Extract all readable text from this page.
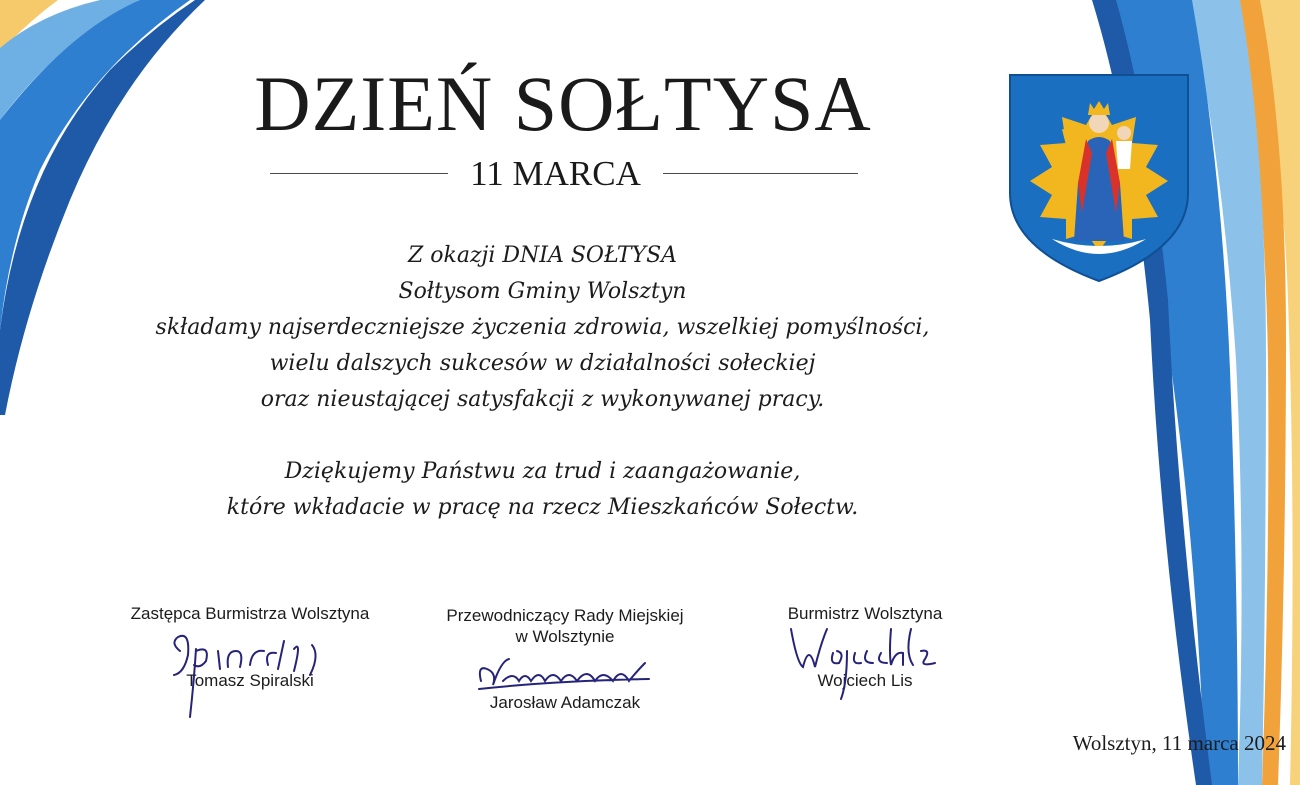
DZIEŃ SOŁTYSA
11 MARCA

Z okazji DNIA SOŁTYSA
Sołtysom Gminy Wolsztyn
składamy najserdeczniejsze życzenia zdrowia, wszelkiej pomyślności,
wielu dalszych sukcesów w działalności sołeckiej
oraz nieustającej satysfakcji z wykonywanej pracy.

Dziękujemy Państwu za trud i zaangażowanie,
które wkładacie w pracę na rzecz Mieszkańców Sołectw.

Zastępca Burmistrza Wolsztyna
Tomasz Spiralski
Przewodniczący Rady Miejskiej
w Wolsztynie
Jarosław Adamczak
Burmistrz Wolsztyna
Wojciech Lis
Wolsztyn, 11 marca 2024
